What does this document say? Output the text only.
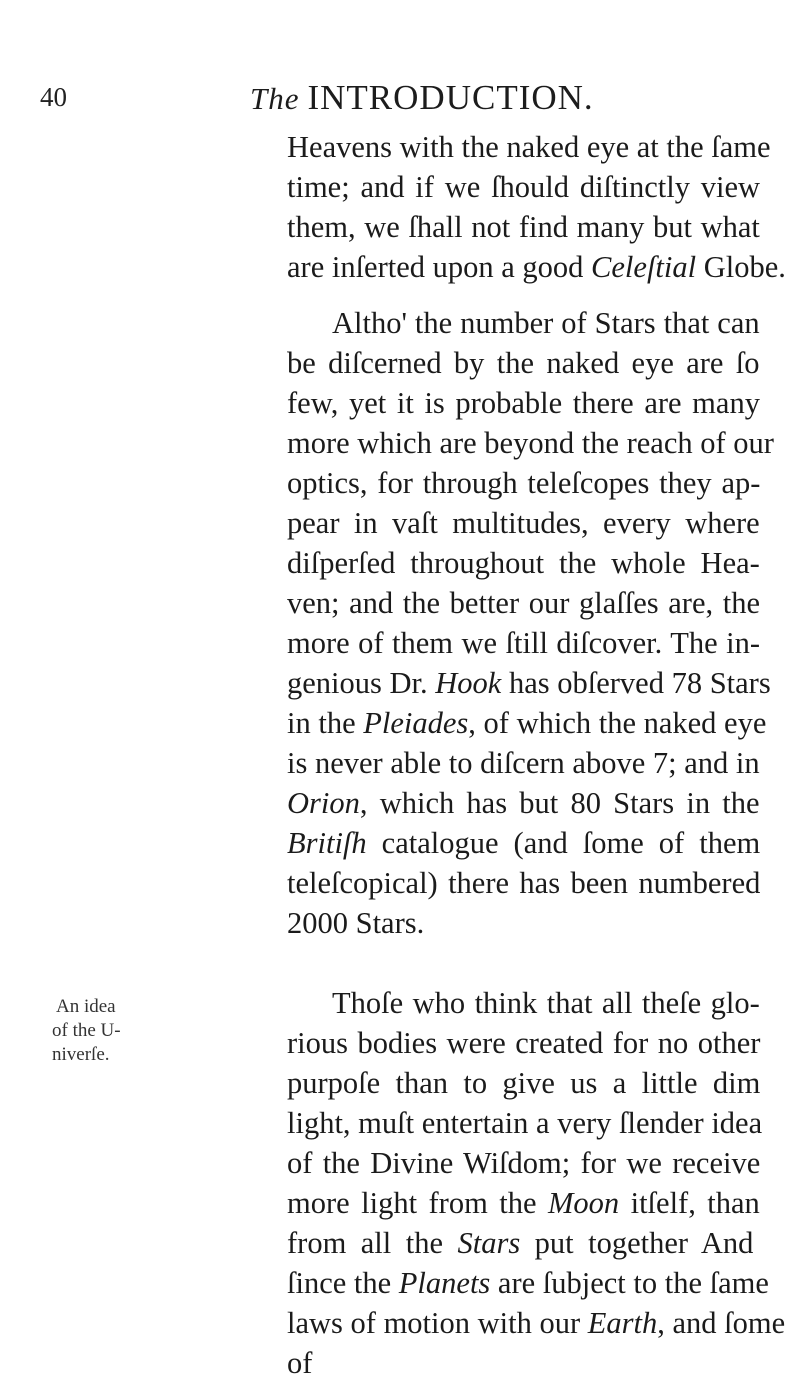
40	The INTRODUCTION.
Heavens with the naked eye at the ſame
time; and if we ſhould diſtinctly view
them, we ſhall not find many but what
are inſerted upon a good Celeſtial Globe.
Altho' the number of Stars that can
be diſcerned by the naked eye are ſo
few, yet it is probable there are many
more which are beyond the reach of our
optics, for through teleſcopes they ap-
pear in vaſt multitudes, every where
diſperſed throughout the whole Hea-
ven; and the better our glaſſes are, the
more of them we ſtill diſcover. The in-
genious Dr. Hook has obſerved 78 Stars
in the Pleiades, of which the naked eye
is never able to diſcern above 7; and in
Orion, which has but 80 Stars in the
Britiſh catalogue (and ſome of them
teleſcopical) there has been numbered
2000 Stars.
Thoſe who think that all theſe glo-
rious bodies were created for no other
purpoſe than to give us a little dim
light, muſt entertain a very ſlender idea
of the Divine Wiſdom; for we receive
more light from the Moon itſelf, than
from all the Stars put together And
ſince the Planets are ſubject to the ſame
laws of motion with our Earth, and ſome
of
An idea
of the U-
niverſe.
